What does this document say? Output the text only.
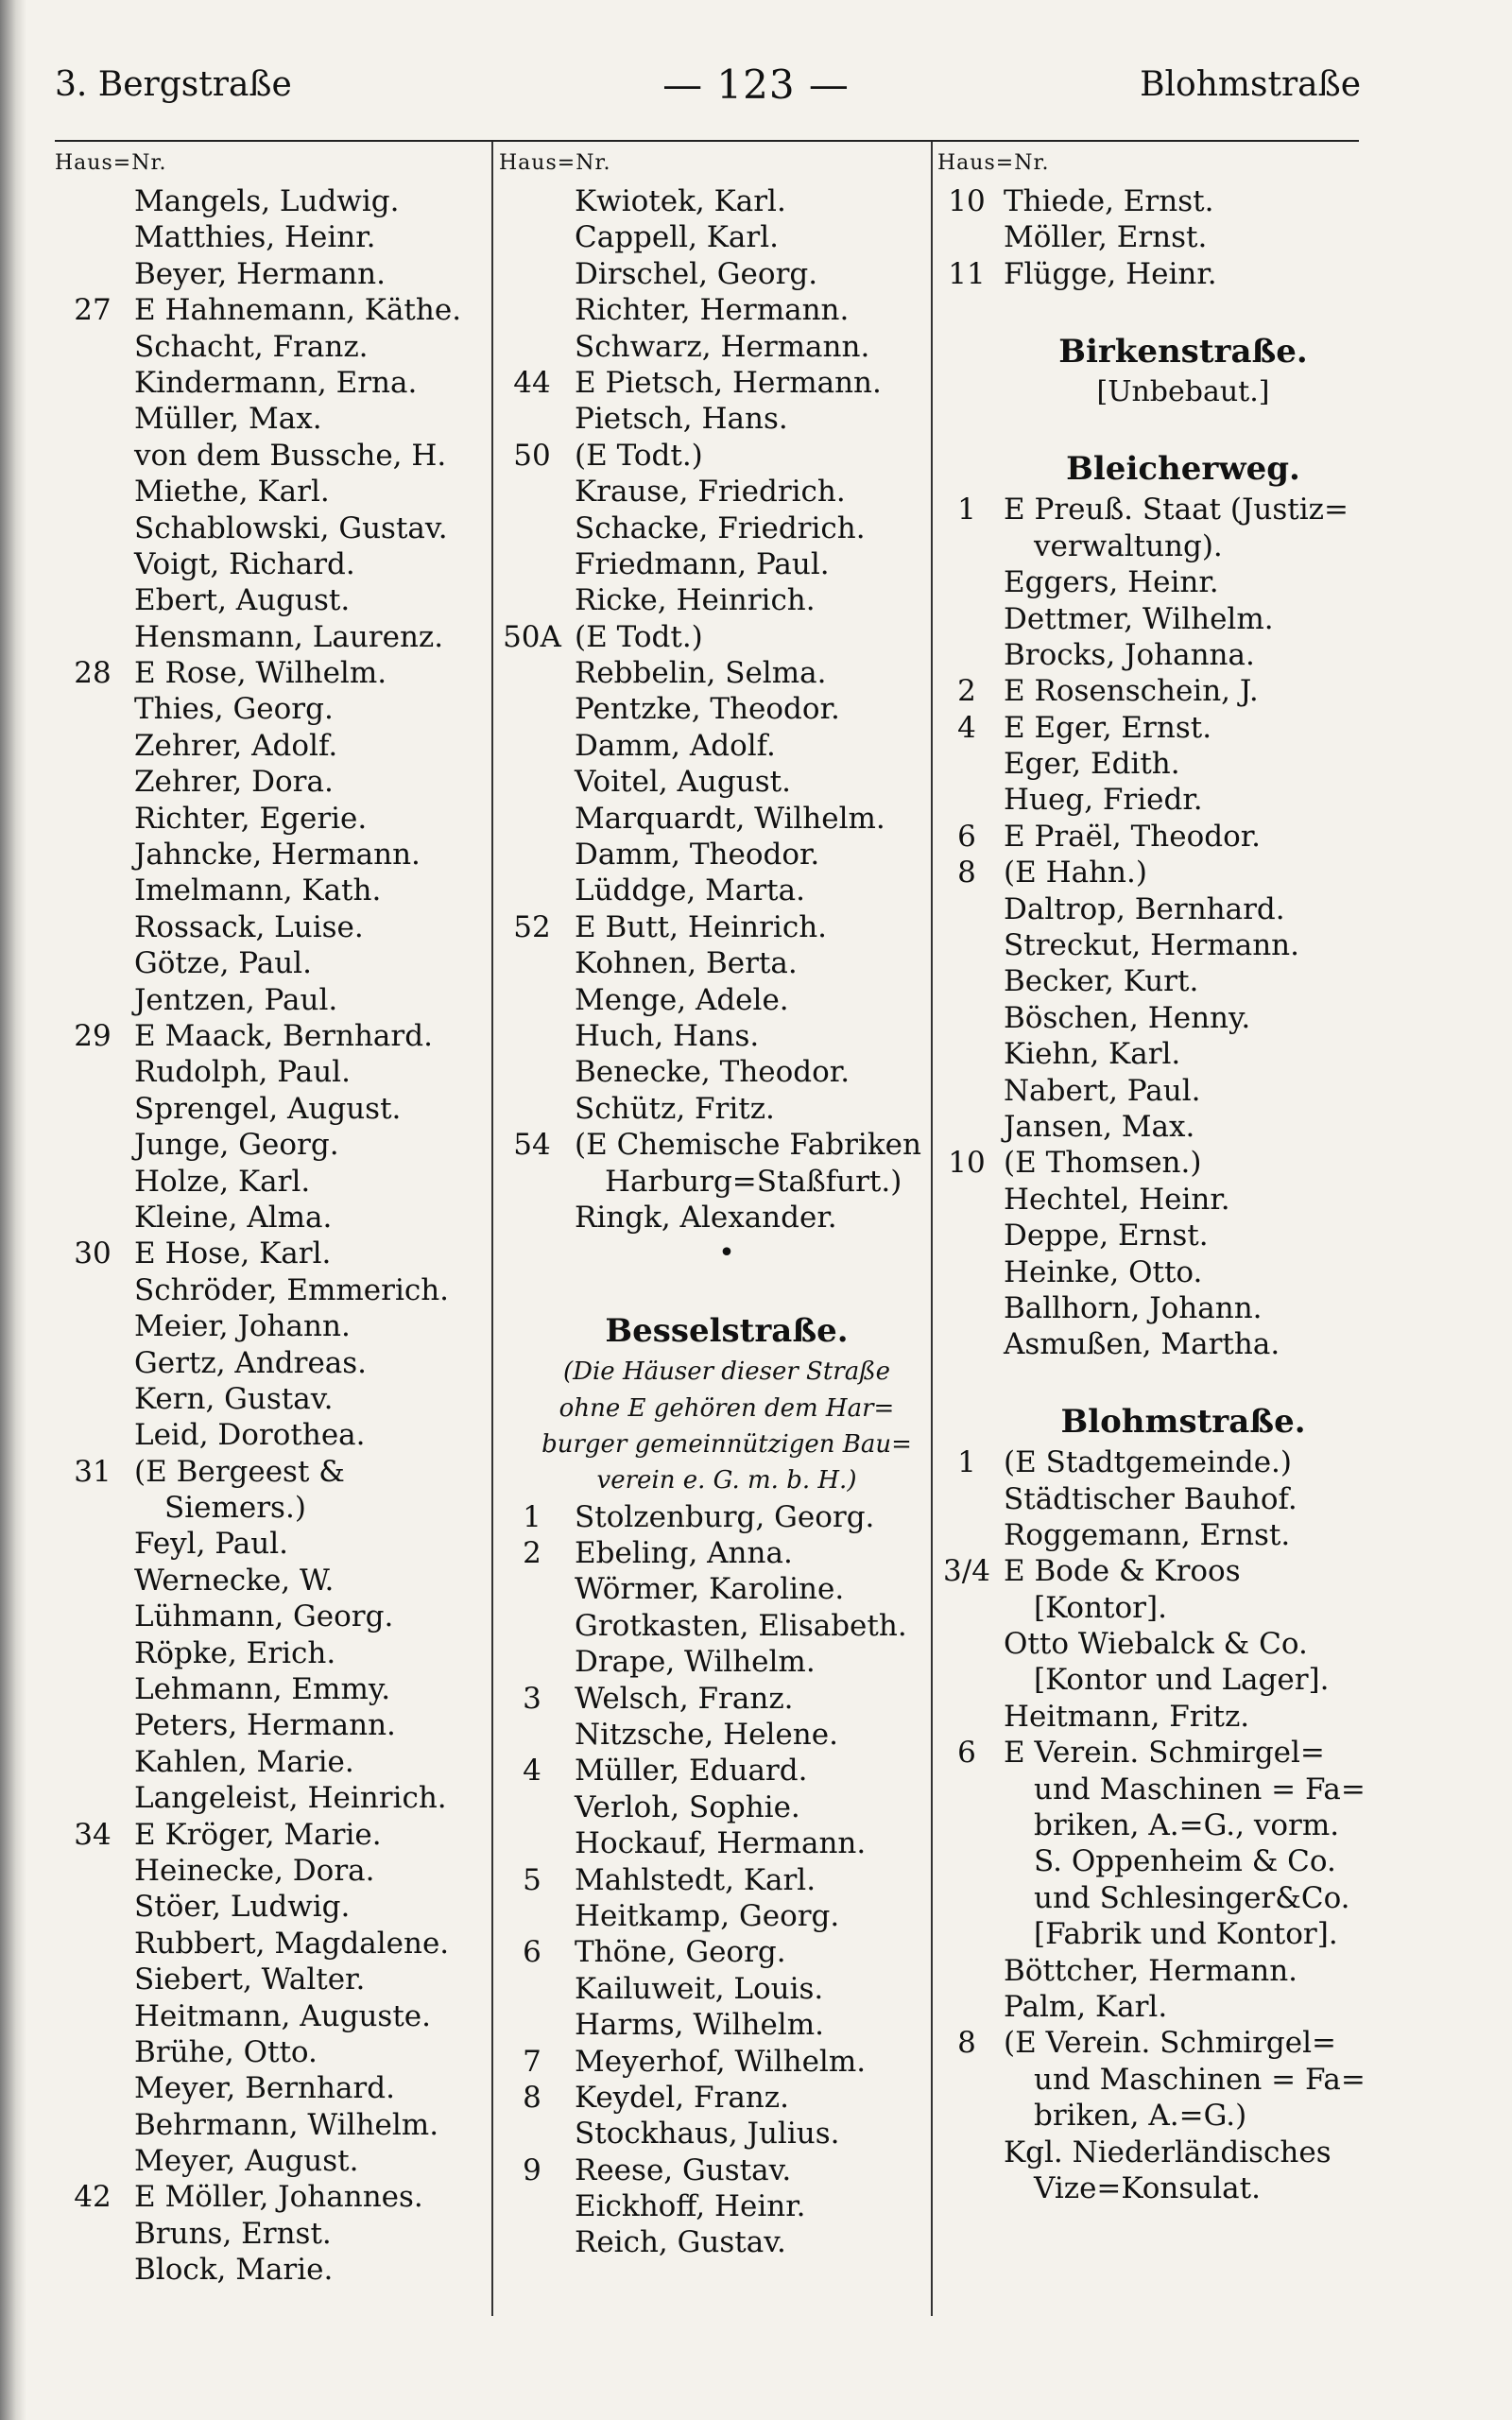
3. Bergstraße	— 123 —	Blohmstraße
Haus=Nr.
Mangels, Ludwig.
Matthies, Heinr.
Beyer, Hermann.
27 E Hahnemann, Käthe.
Schacht, Franz.
Kindermann, Erna.
Müller, Max.
von dem Bussche, H.
Miethe, Karl.
Schablowski, Gustav.
Voigt, Richard.
Ebert, August.
Hensmann, Laurenz.
28 E Rose, Wilhelm.
Thies, Georg.
Zehrer, Adolf.
Zehrer, Dora.
Richter, Egerie.
Jahncke, Hermann.
Imelmann, Kath.
Rossack, Luise.
Götze, Paul.
Jentzen, Paul.
29 E Maack, Bernhard.
Rudolph, Paul.
Sprengel, August.
Junge, Georg.
Holze, Karl.
Kleine, Alma.
30 E Hose, Karl.
Schröder, Emmerich.
Meier, Johann.
Gertz, Andreas.
Kern, Gustav.
Leid, Dorothea.
31 (E Bergeest &
Siemers.)
Feyl, Paul.
Wernecke, W.
Lühmann, Georg.
Röpke, Erich.
Lehmann, Emmy.
Peters, Hermann.
Kahlen, Marie.
Langeleist, Heinrich.
34 E Kröger, Marie.
Heinecke, Dora.
Stöer, Ludwig.
Rubbert, Magdalene.
Siebert, Walter.
Heitmann, Auguste.
Brühe, Otto.
Meyer, Bernhard.
Behrmann, Wilhelm.
Meyer, August.
42 E Möller, Johannes.
Bruns, Ernst.
Block, Marie.
Haus=Nr.
Kwiotek, Karl.
Cappell, Karl.
Dirschel, Georg.
Richter, Hermann.
Schwarz, Hermann.
44 E Pietsch, Hermann.
Pietsch, Hans.
50 (E Todt.)
Krause, Friedrich.
Schacke, Friedrich.
Friedmann, Paul.
Ricke, Heinrich.
50A (E Todt.)
Rebbelin, Selma.
Pentzke, Theodor.
Damm, Adolf.
Voitel, August.
Marquardt, Wilhelm.
Damm, Theodor.
Lüddge, Marta.
52 E Butt, Heinrich.
Kohnen, Berta.
Menge, Adele.
Huch, Hans.
Benecke, Theodor.
Schütz, Fritz.
54 (E Chemische Fabriken
Harburg=Staßfurt.)
Ringk, Alexander.
•
Besselstraße.
(Die Häuser dieser Straße
ohne E gehören dem Har=
burger gemeinnützigen Bau=
verein e. G. m. b. H.)
1	Stolzenburg, Georg.
2	Ebeling, Anna.
Wörmer, Karoline.
Grotkasten, Elisabeth.
Drape, Wilhelm.
3	Welsch, Franz.
Nitzsche, Helene.
4	Müller, Eduard.
Verloh, Sophie.
Hockauf, Hermann.
5	Mahlstedt, Karl.
Heitkamp, Georg.
6	Thöne, Georg.
Kailuweit, Louis.
Harms, Wilhelm.
7	Meyerhof, Wilhelm.
8	Keydel, Franz.
Stockhaus, Julius.
9	Reese, Gustav.
Eickhoff, Heinr.
Reich, Gustav.
Haus=Nr.
10 Thiede, Ernst.
Möller, Ernst.
11 Flügge, Heinr.
Birkenstraße.
[Unbebaut.]
Bleicherweg.
1 E Preuß. Staat (Justiz=
verwaltung).
Eggers, Heinr.
Dettmer, Wilhelm.
Brocks, Johanna.
2 E Rosenschein, J.
4 E Eger, Ernst.
Eger, Edith.
Hueg, Friedr.
6 E Praël, Theodor.
8 (E Hahn.)
Daltrop, Bernhard.
Streckut, Hermann.
Becker, Kurt.
Böschen, Henny.
Kiehn, Karl.
Nabert, Paul.
Jansen, Max.
10 (E Thomsen.)
Hechtel, Heinr.
Deppe, Ernst.
Heinke, Otto.
Ballhorn, Johann.
Asmußen, Martha.
Blohmstraße.
1 (E Stadtgemeinde.)
Städtischer Bauhof.
Roggemann, Ernst.
3/4 E Bode & Kroos
[Kontor].
Otto Wiebalck & Co.
[Kontor und Lager].
Heitmann, Fritz.
6 E Verein. Schmirgel=
und Maschinen = Fa=
briken, A.=G., vorm.
S. Oppenheim & Co.
und Schlesinger&Co.
[Fabrik und Kontor].
Böttcher, Hermann.
Palm, Karl.
8 (E Verein. Schmirgel=
und Maschinen = Fa=
briken, A.=G.)
Kgl. Niederländisches
Vize=Konsulat.
